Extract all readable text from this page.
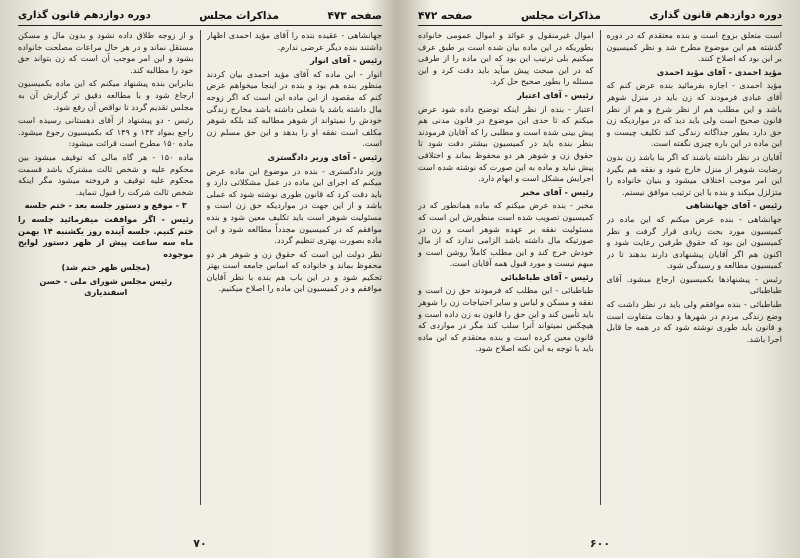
صفحه ۴۷۳
مذاکرات مجلس
دوره دوازدهم قانون گذاری

جهانشاهی - عقیده بنده را آقای مؤید احمدی اظهار داشتند بنده دیگر عرضی ندارم.

رئیس - آقای انوار

انوار - این ماده که آقای مؤید احمدی بیان کردند منظور بنده هم بود و بنده در اینجا میخواهم عرض کنم که مقصود از این ماده این است که اگر زوجه مال داشته باشد یا شغلی داشته باشد مخارج زندگی خودش را نمیتواند از شوهر مطالبه کند بلکه شوهر مکلف است نفقه او را بدهد و این حق مسلم زن است.

رئیس - آقای وزیر دادگستری

وزیر دادگستری - بنده در موضوع این ماده عرض میکنم که اجرای این ماده در عمل مشکلاتی دارد و باید دقت کرد که قانون طوری نوشته شود که عملی باشد و از این جهت در مواردیکه حق زن است و مسئولیت شوهر است باید تکلیف معین شود و بنده موافقم که در کمیسیون مجدداً مطالعه شود و این ماده بصورت بهتری تنظیم گردد.

نظر دولت این است که حقوق زن و شوهر هر دو محفوظ بماند و خانواده که اساس جامعه است بهتر تحکیم شود و در این باب هم بنده با نظر آقایان موافقم و در کمیسیون این ماده را اصلاح میکنیم.

و از زوجه طلاق داده نشود و بدون مال و مسکن مستقل نماند و در هر حال مراعات مصلحت خانواده بشود و این امر موجب آن است که زن بتواند حق خود را مطالبه کند.

بنابراین بنده پیشنهاد میکنم که این ماده بکمیسیون ارجاع شود و با مطالعه دقیق تر گزارش آن به مجلس تقدیم گردد تا نواقص آن رفع شود.

رئیس - دو پیشنهاد از آقای دهستانی رسیده است راجع بمواد ۱۴۲ و ۱۴۹ که بکمیسیون رجوع میشود. ماده ۱۵۰ مطرح است قرائت میشود:

ماده ۱۵۰ - هر گاه مالی که توقیف میشود بین محکوم علیه و شخص ثالث مشترک باشد قسمت محکوم علیه توقیف و فروخته میشود مگر اینکه شخص ثالث شرکت را قبول ننماید.

۳ - موقع و دستور جلسه بعد - ختم جلسه

رئیس - اگر موافقت میفرمائید جلسه را ختم کنیم. جلسه آینده روز یکشنبه ۱۴ بهمن ماه سه ساعت پیش از ظهر دستور لوایح موجوده

(مجلس ظهر ختم شد)

رئیس مجلس شورای ملی - حسن اسفندیاری

۷۰
دوره دوازدهم قانون گذاری
مذاکرات مجلس
صفحه ۴۷۲

است متعلق بزوج است و بنده معتقدم که در دوره گذشته هم این موضوع مطرح شد و نظر کمیسیون بر این بود که اصلاح کنند.

مؤید احمدی - آقای مؤید احمدی

مؤید احمدی - اجازه بفرمائید بنده عرض کنم که آقای عبادی فرمودند که زن باید در منزل شوهر باشد و این مطلب هم از نظر شرع و هم از نظر قانون صحیح است ولی باید دید که در مواردیکه زن حق دارد بطور جداگانه زندگی کند تکلیف چیست و این ماده در این باره چیزی نگفته است.

آقایان در نظر داشته باشند که اگر بنا باشد زن بدون رضایت شوهر از منزل خارج شود و نفقه هم بگیرد این امر موجب اختلاف میشود و بنیان خانواده را متزلزل میکند و بنده با این ترتیب موافق نیستم.

رئیس - آقای جهانشاهی

جهانشاهی - بنده عرض میکنم که این ماده در کمیسیون مورد بحث زیادی قرار گرفت و نظر کمیسیون این بود که حقوق طرفین رعایت شود و اکنون هم اگر آقایان پیشنهادی دارند بدهند تا در کمیسیون مطالعه و رسیدگی شود.

رئیس - پیشنهادها بکمیسیون ارجاع میشود. آقای طباطبائی

طباطبائی - بنده موافقم ولی باید در نظر داشت که وضع زندگی مردم در شهرها و دهات متفاوت است و قانون باید طوری نوشته شود که در همه جا قابل اجرا باشد.

اموال غیرمنقول و عوائد و اموال عمومی خانواده بطوریکه در این ماده بیان شده است بر طبق عرف میکنیم بلی ترتیب این بود که این ماده را از طرفی که در این مبحث پیش میآید باید دقت کرد و این مسئله را بطور صحیح حل کرد.

رئیس - آقای اعتبار

اعتبار - بنده از نظر اینکه توضیح داده شود عرض میکنم که تا حدی این موضوع در قانون مدنی هم پیش بینی شده است و مطلبی را که آقایان فرمودند بنظر بنده باید در کمیسیون بیشتر دقت شود تا حقوق زن و شوهر هر دو محفوظ بماند و اختلافی پیش نیاید و ماده به این صورت که نوشته شده است اجرایش مشکل است و ابهام دارد.

رئیس - آقای مخبر

مخبر - بنده عرض میکنم که ماده همانطور که در کمیسیون تصویب شده است منظورش این است که مسئولیت نفقه بر عهده شوهر است و زن در صورتیکه مال داشته باشد الزامی ندارد که از مال خودش خرج کند و این مطلب کاملاً روشن است و مبهم نیست و مورد قبول همه آقایان است.

رئیس - آقای طباطبائی

طباطبائی - این مطلب که فرمودند حق زن است و نفقه و مسکن و لباس و سایر احتیاجات زن را شوهر باید تأمین کند و این حق را قانون به زن داده است و هیچکس نمیتواند آنرا سلب کند مگر در مواردی که قانون معین کرده است و بنده معتقدم که این ماده باید با توجه به این نکته اصلاح شود.

۶۰۰
